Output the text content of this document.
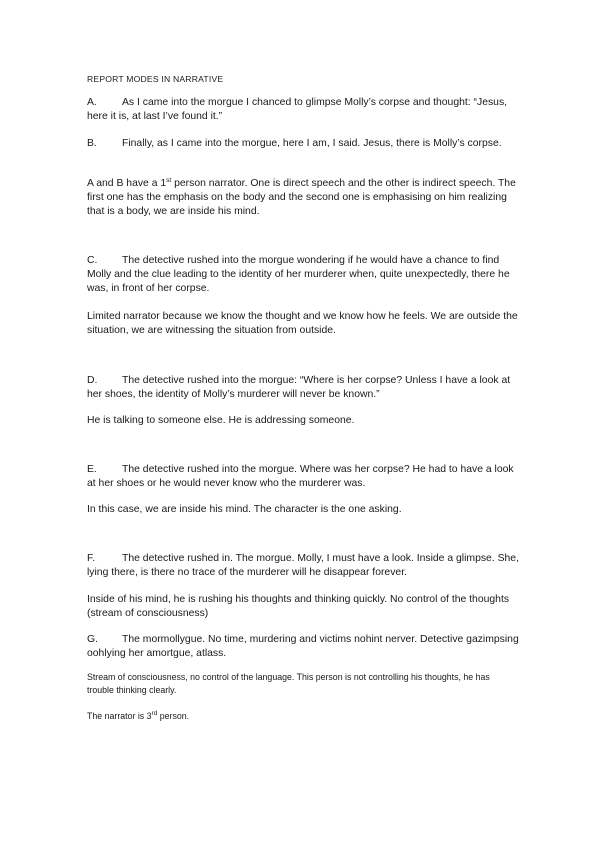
REPORT MODES IN NARRATIVE
A. As I came into the morgue I chanced to glimpse Molly’s corpse and thought: “Jesus, here it is, at last I’ve found it.”
B. Finally, as I came into the morgue, here I am, I said. Jesus, there is Molly’s corpse.
A and B have a 1st person narrator. One is direct speech and the other is indirect speech. The first one has the emphasis on the body and the second one is emphasising on him realizing that is a body, we are inside his mind.
C. The detective rushed into the morgue wondering if he would have a chance to find Molly and the clue leading to the identity of her murderer when, quite unexpectedly, there he was, in front of her corpse.
Limited narrator because we know the thought and we know how he feels. We are outside the situation, we are witnessing the situation from outside.
D. The detective rushed into the morgue: “Where is her corpse? Unless I have a look at her shoes, the identity of Molly’s murderer will never be known.”
He is talking to someone else. He is addressing someone.
E. The detective rushed into the morgue. Where was her corpse? He had to have a look at her shoes or he would never know who the murderer was.
In this case, we are inside his mind. The character is the one asking.
F.	The detective rushed in. The morgue. Molly, I must have a look. Inside a glimpse. She, lying there, is there no trace of the murderer will he disappear forever.
Inside of his mind, he is rushing his thoughts and thinking quickly. No control of the thoughts (stream of consciousness)
G. The mormollygue. No time, murdering and victims nohint nerver. Detective gazimpsing oohlying her amortgue, atlass.
Stream of consciousness, no control of the language. This person is not controlling his thoughts, he has trouble thinking clearly.
The narrator is 3rd person.
